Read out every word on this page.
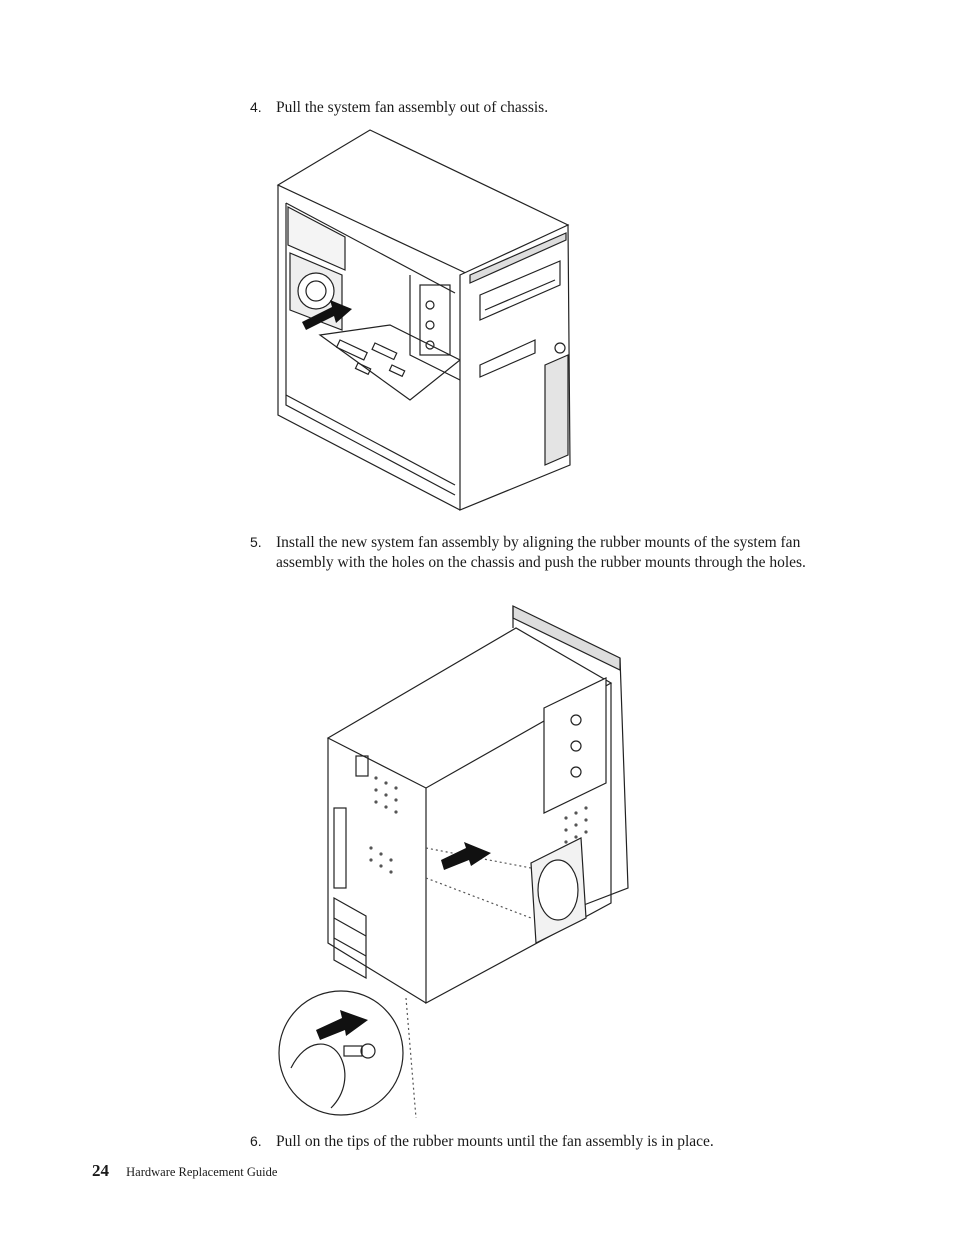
4. Pull the system fan assembly out of chassis.
5. Install the new system fan assembly by aligning the rubber mounts of the system fan assembly with the holes on the chassis and push the rubber mounts through the holes.
6. Pull on the tips of the rubber mounts until the fan assembly is in place.
24 Hardware Replacement Guide
